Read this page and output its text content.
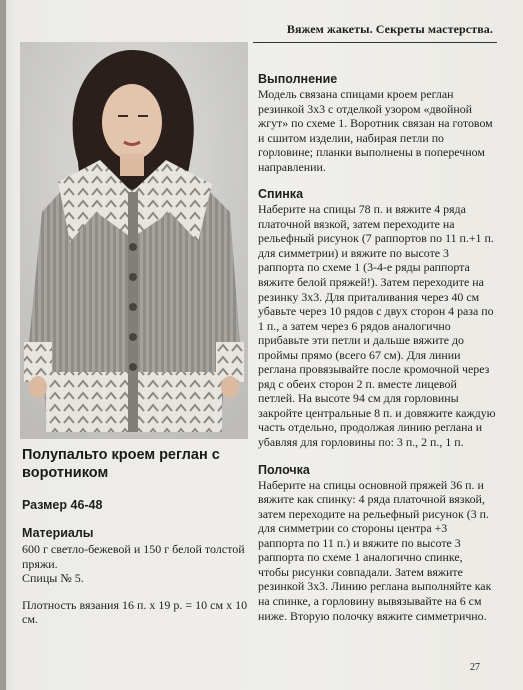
Вяжем жакеты. Секреты мастерства.

Полупальто кроем реглан с воротником

Размер 46-48

Материалы

600 г светло-бежевой и 150 г белой толстой пряжи.

Спицы № 5.

Плотность вязания 16 п. х 19 р. = 10 см х 10 см.

Выполнение

Модель связана спицами кроем реглан резинкой 3х3 с отделкой узором «двойной жгут» по схеме 1. Воротник связан на готовом и сшитом изделии, набирая петли по горловине; планки выполнены в поперечном направлении.

Спинка

Наберите на спицы 78 п. и вяжите 4 ряда платочной вязкой, затем переходите на рельефный рисунок (7 раппортов по 11 п.+1 п. для симметрии) и вяжите по высоте 3 раппорта по схеме 1 (3-4-е ряды раппорта вяжите белой пряжей!). Затем переходите на резинку 3х3. Для приталивания через 40 см убавьте через 10 рядов с двух сторон 4 раза по 1 п., а затем через 6 рядов аналогично прибавьте эти петли и дальше вяжите до проймы прямо (всего 67 см). Для линии реглана провязывайте после кромочной через ряд с обеих сторон 2 п. вместе лицевой петлей. На высоте 94 см для горловины закройте центральные 8 п. и довяжите каждую часть отдельно, продолжая линию реглана и убавляя для горловины по: 3 п., 2 п., 1 п.

Полочка

Наберите на спицы основной пряжей 36 п. и вяжите как спинку: 4 ряда платочной вязкой, затем переходите на рельефный рисунок (3 п. для симметрии со стороны центра +3 раппорта по 11 п.) и вяжите по высоте 3 раппорта по схеме 1 аналогично спинке, чтобы рисунки совпадали. Затем вяжите резинкой 3х3. Линию реглана выполняйте как на спинке, а горловину вывязывайте на 6 см ниже. Вторую полочку вяжите симметрично.

27
